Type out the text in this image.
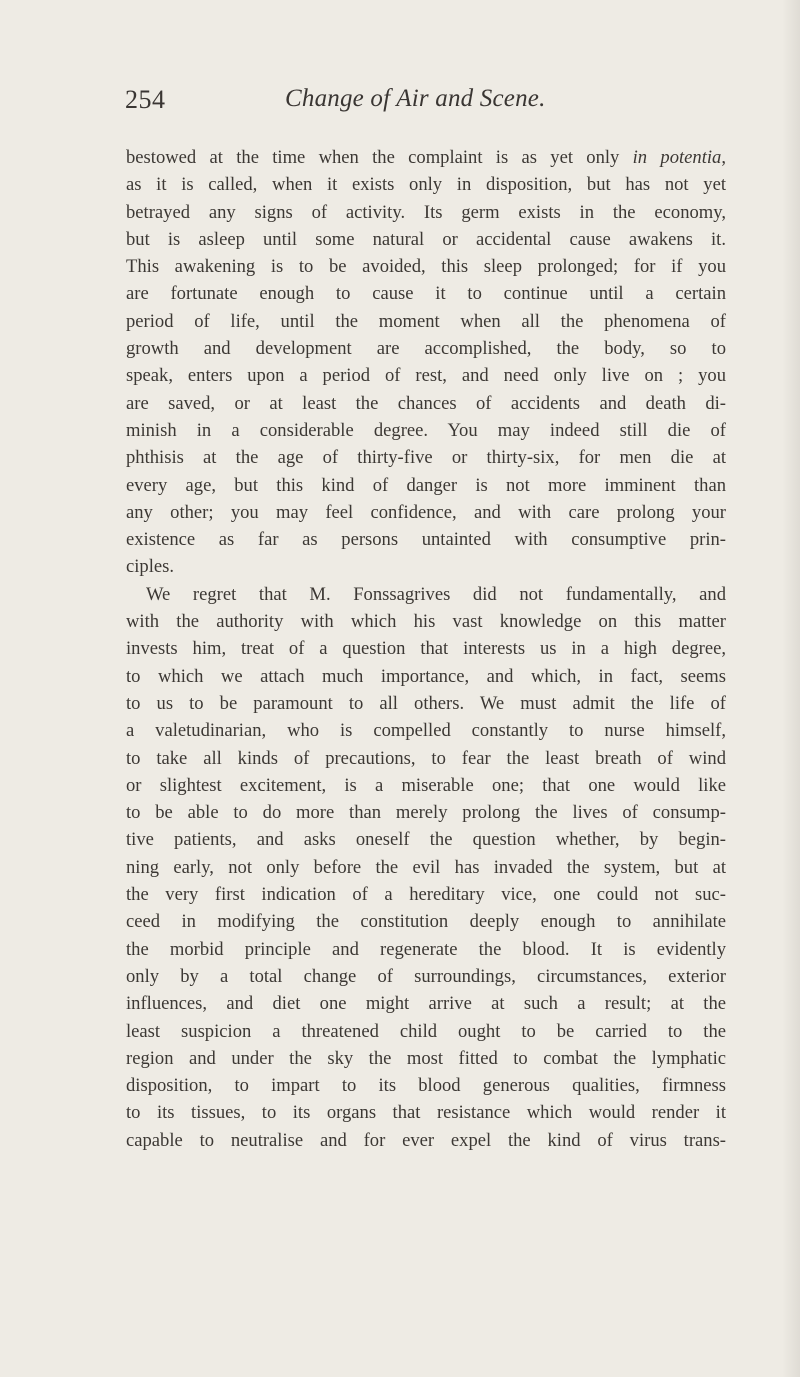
254	Change of Air and Scene.
bestowed at the time when the complaint is as yet only in potentia,
as it is called, when it exists only in disposition, but has not yet
betrayed any signs of activity. Its germ exists in the economy,
but is asleep until some natural or accidental cause awakens it.
This awakening is to be avoided, this sleep prolonged; for if you
are fortunate enough to cause it to continue until a certain
period of life, until the moment when all the phenomena of
growth and development are accomplished, the body, so to
speak, enters upon a period of rest, and need only live on ; you
are saved, or at least the chances of accidents and death di-
minish in a considerable degree. You may indeed still die of
phthisis at the age of thirty-five or thirty-six, for men die at
every age, but this kind of danger is not more imminent than
any other; you may feel confidence, and with care prolong your
existence as far as persons untainted with consumptive prin-
ciples.
We regret that M. Fonssagrives did not fundamentally, and
with the authority with which his vast knowledge on this matter
invests him, treat of a question that interests us in a high degree,
to which we attach much importance, and which, in fact, seems
to us to be paramount to all others. We must admit the life of
a valetudinarian, who is compelled constantly to nurse himself,
to take all kinds of precautions, to fear the least breath of wind
or slightest excitement, is a miserable one; that one would like
to be able to do more than merely prolong the lives of consump-
tive patients, and asks oneself the question whether, by begin-
ning early, not only before the evil has invaded the system, but at
the very first indication of a hereditary vice, one could not suc-
ceed in modifying the constitution deeply enough to annihilate
the morbid principle and regenerate the blood. It is evidently
only by a total change of surroundings, circumstances, exterior
influences, and diet one might arrive at such a result; at the
least suspicion a threatened child ought to be carried to the
region and under the sky the most fitted to combat the lymphatic
disposition, to impart to its blood generous qualities, firmness
to its tissues, to its organs that resistance which would render it
capable to neutralise and for ever expel the kind of virus trans-
